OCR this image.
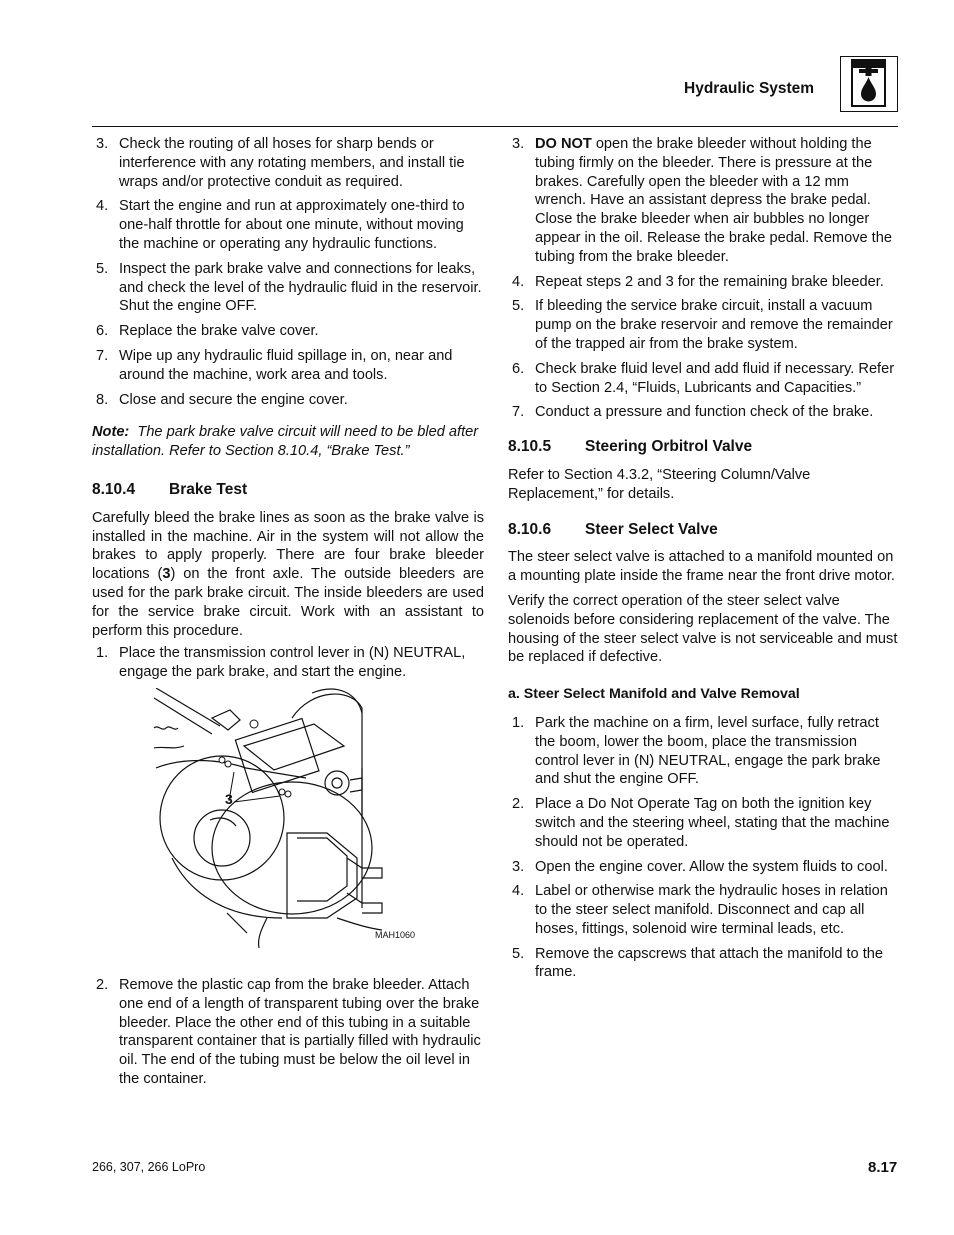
Hydraulic System
3. Check the routing of all hoses for sharp bends or interference with any rotating members, and install tie wraps and/or protective conduit as required.
4. Start the engine and run at approximately one-third to one-half throttle for about one minute, without moving the machine or operating any hydraulic functions.
5. Inspect the park brake valve and connections for leaks, and check the level of the hydraulic fluid in the reservoir. Shut the engine OFF.
6. Replace the brake valve cover.
7. Wipe up any hydraulic fluid spillage in, on, near and around the machine, work area and tools.
8. Close and secure the engine cover.

Note: The park brake valve circuit will need to be bled after installation. Refer to Section 8.10.4, “Brake Test.”

8.10.4 Brake Test

Carefully bleed the brake lines as soon as the brake valve is installed in the machine. Air in the system will not allow the brakes to apply properly. There are four brake bleeder locations (3) on the front axle. The outside bleeders are used for the park brake circuit. The inside bleeders are used for the service brake circuit. Work with an assistant to perform this procedure.

1. Place the transmission control lever in (N) NEUTRAL, engage the park brake, and start the engine.
3
MAH1060
2. Remove the plastic cap from the brake bleeder. Attach one end of a length of transparent tubing over the brake bleeder. Place the other end of this tubing in a suitable transparent container that is partially filled with hydraulic oil. The end of the tubing must be below the oil level in the container.
3. DO NOT open the brake bleeder without holding the tubing firmly on the bleeder. There is pressure at the brakes. Carefully open the bleeder with a 12 mm wrench. Have an assistant depress the brake pedal. Close the brake bleeder when air bubbles no longer appear in the oil. Release the brake pedal. Remove the tubing from the brake bleeder.
4. Repeat steps 2 and 3 for the remaining brake bleeder.
5. If bleeding the service brake circuit, install a vacuum pump on the brake reservoir and remove the remainder of the trapped air from the brake system.
6. Check brake fluid level and add fluid if necessary. Refer to Section 2.4, “Fluids, Lubricants and Capacities.”
7. Conduct a pressure and function check of the brake.
8.10.5 Steering Orbitrol Valve

Refer to Section 4.3.2, “Steering Column/Valve Replacement,” for details.

8.10.6 Steer Select Valve

The steer select valve is attached to a manifold mounted on a mounting plate inside the frame near the front drive motor.

Verify the correct operation of the steer select valve solenoids before considering replacement of the valve. The housing of the steer select valve is not serviceable and must be replaced if defective.

a. Steer Select Manifold and Valve Removal
1. Park the machine on a firm, level surface, fully retract the boom, lower the boom, place the transmission control lever in (N) NEUTRAL, engage the park brake and shut the engine OFF.
2. Place a Do Not Operate Tag on both the ignition key switch and the steering wheel, stating that the machine should not be operated.
3. Open the engine cover. Allow the system fluids to cool.
4. Label or otherwise mark the hydraulic hoses in relation to the steer select manifold. Disconnect and cap all hoses, fittings, solenoid wire terminal leads, etc.
5. Remove the capscrews that attach the manifold to the frame.
266, 307, 266 LoPro	8.17
